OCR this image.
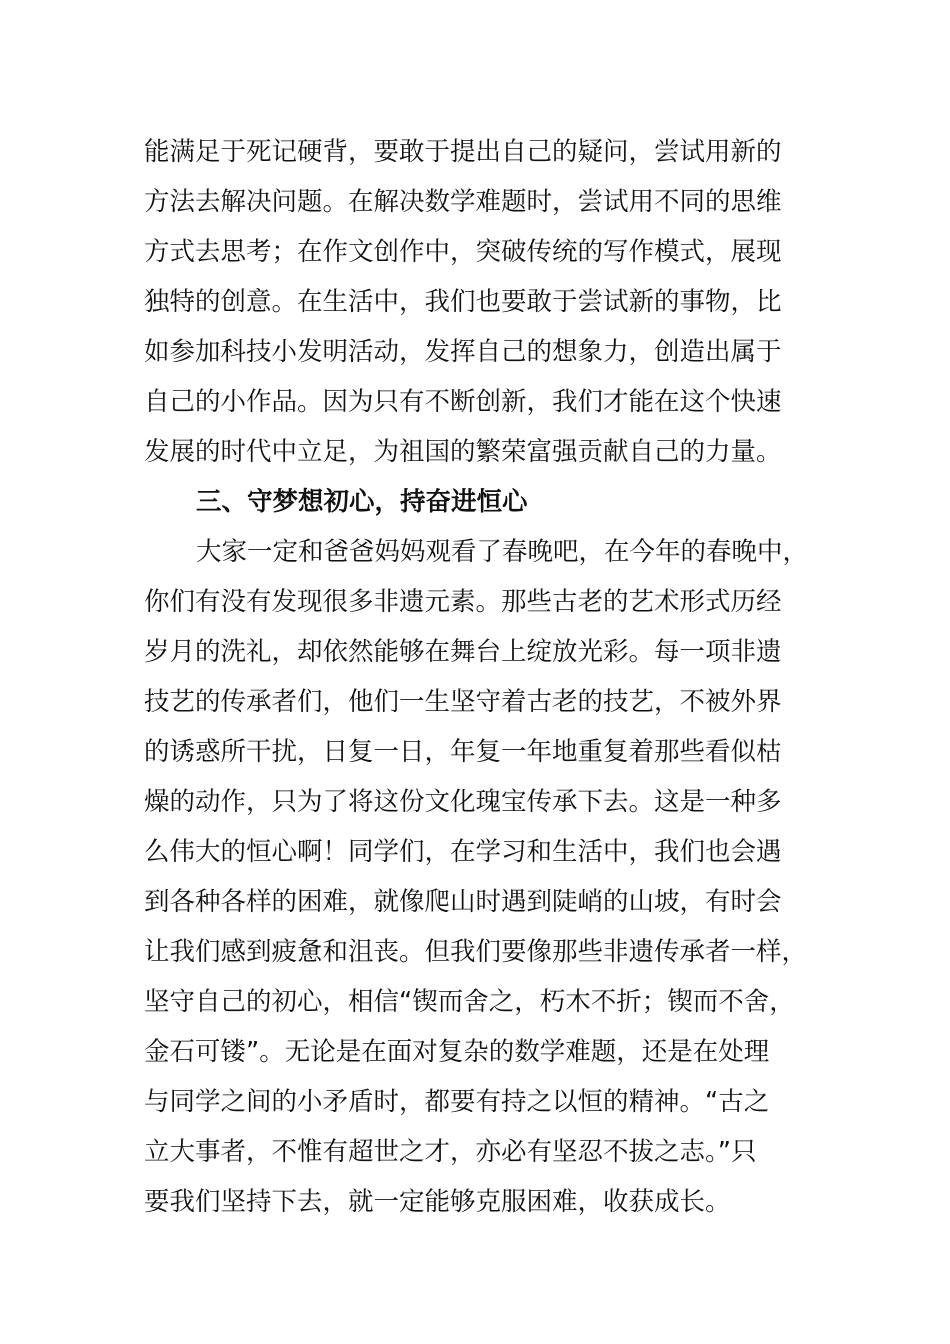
能满足于死记硬背，要敢于提出自己的疑问，尝试用新的
方法去解决问题。在解决数学难题时，尝试用不同的思维
方式去思考；在作文创作中，突破传统的写作模式，展现
独特的创意。在生活中，我们也要敢于尝试新的事物，比
如参加科技小发明活动，发挥自己的想象力，创造出属于
自己的小作品。因为只有不断创新，我们才能在这个快速
发展的时代中立足，为祖国的繁荣富强贡献自己的力量。
三、守梦想初心，持奋进恒心
大家一定和爸爸妈妈观看了春晚吧，在今年的春晚中，
你们有没有发现很多非遗元素。那些古老的艺术形式历经
岁月的洗礼，却依然能够在舞台上绽放光彩。每一项非遗
技艺的传承者们，他们一生坚守着古老的技艺，不被外界
的诱惑所干扰，日复一日，年复一年地重复着那些看似枯
燥的动作，只为了将这份文化瑰宝传承下去。这是一种多
么伟大的恒心啊！同学们，在学习和生活中，我们也会遇
到各种各样的困难，就像爬山时遇到陡峭的山坡，有时会
让我们感到疲惫和沮丧。但我们要像那些非遗传承者一样，
坚守自己的初心，相信“锲而舍之，朽木不折；锲而不舍，
金石可镂”。无论是在面对复杂的数学难题，还是在处理
与同学之间的小矛盾时，都要有持之以恒的精神。“古之
立大事者，不惟有超世之才，亦必有坚忍不拔之志。”只
要我们坚持下去，就一定能够克服困难，收获成长。
